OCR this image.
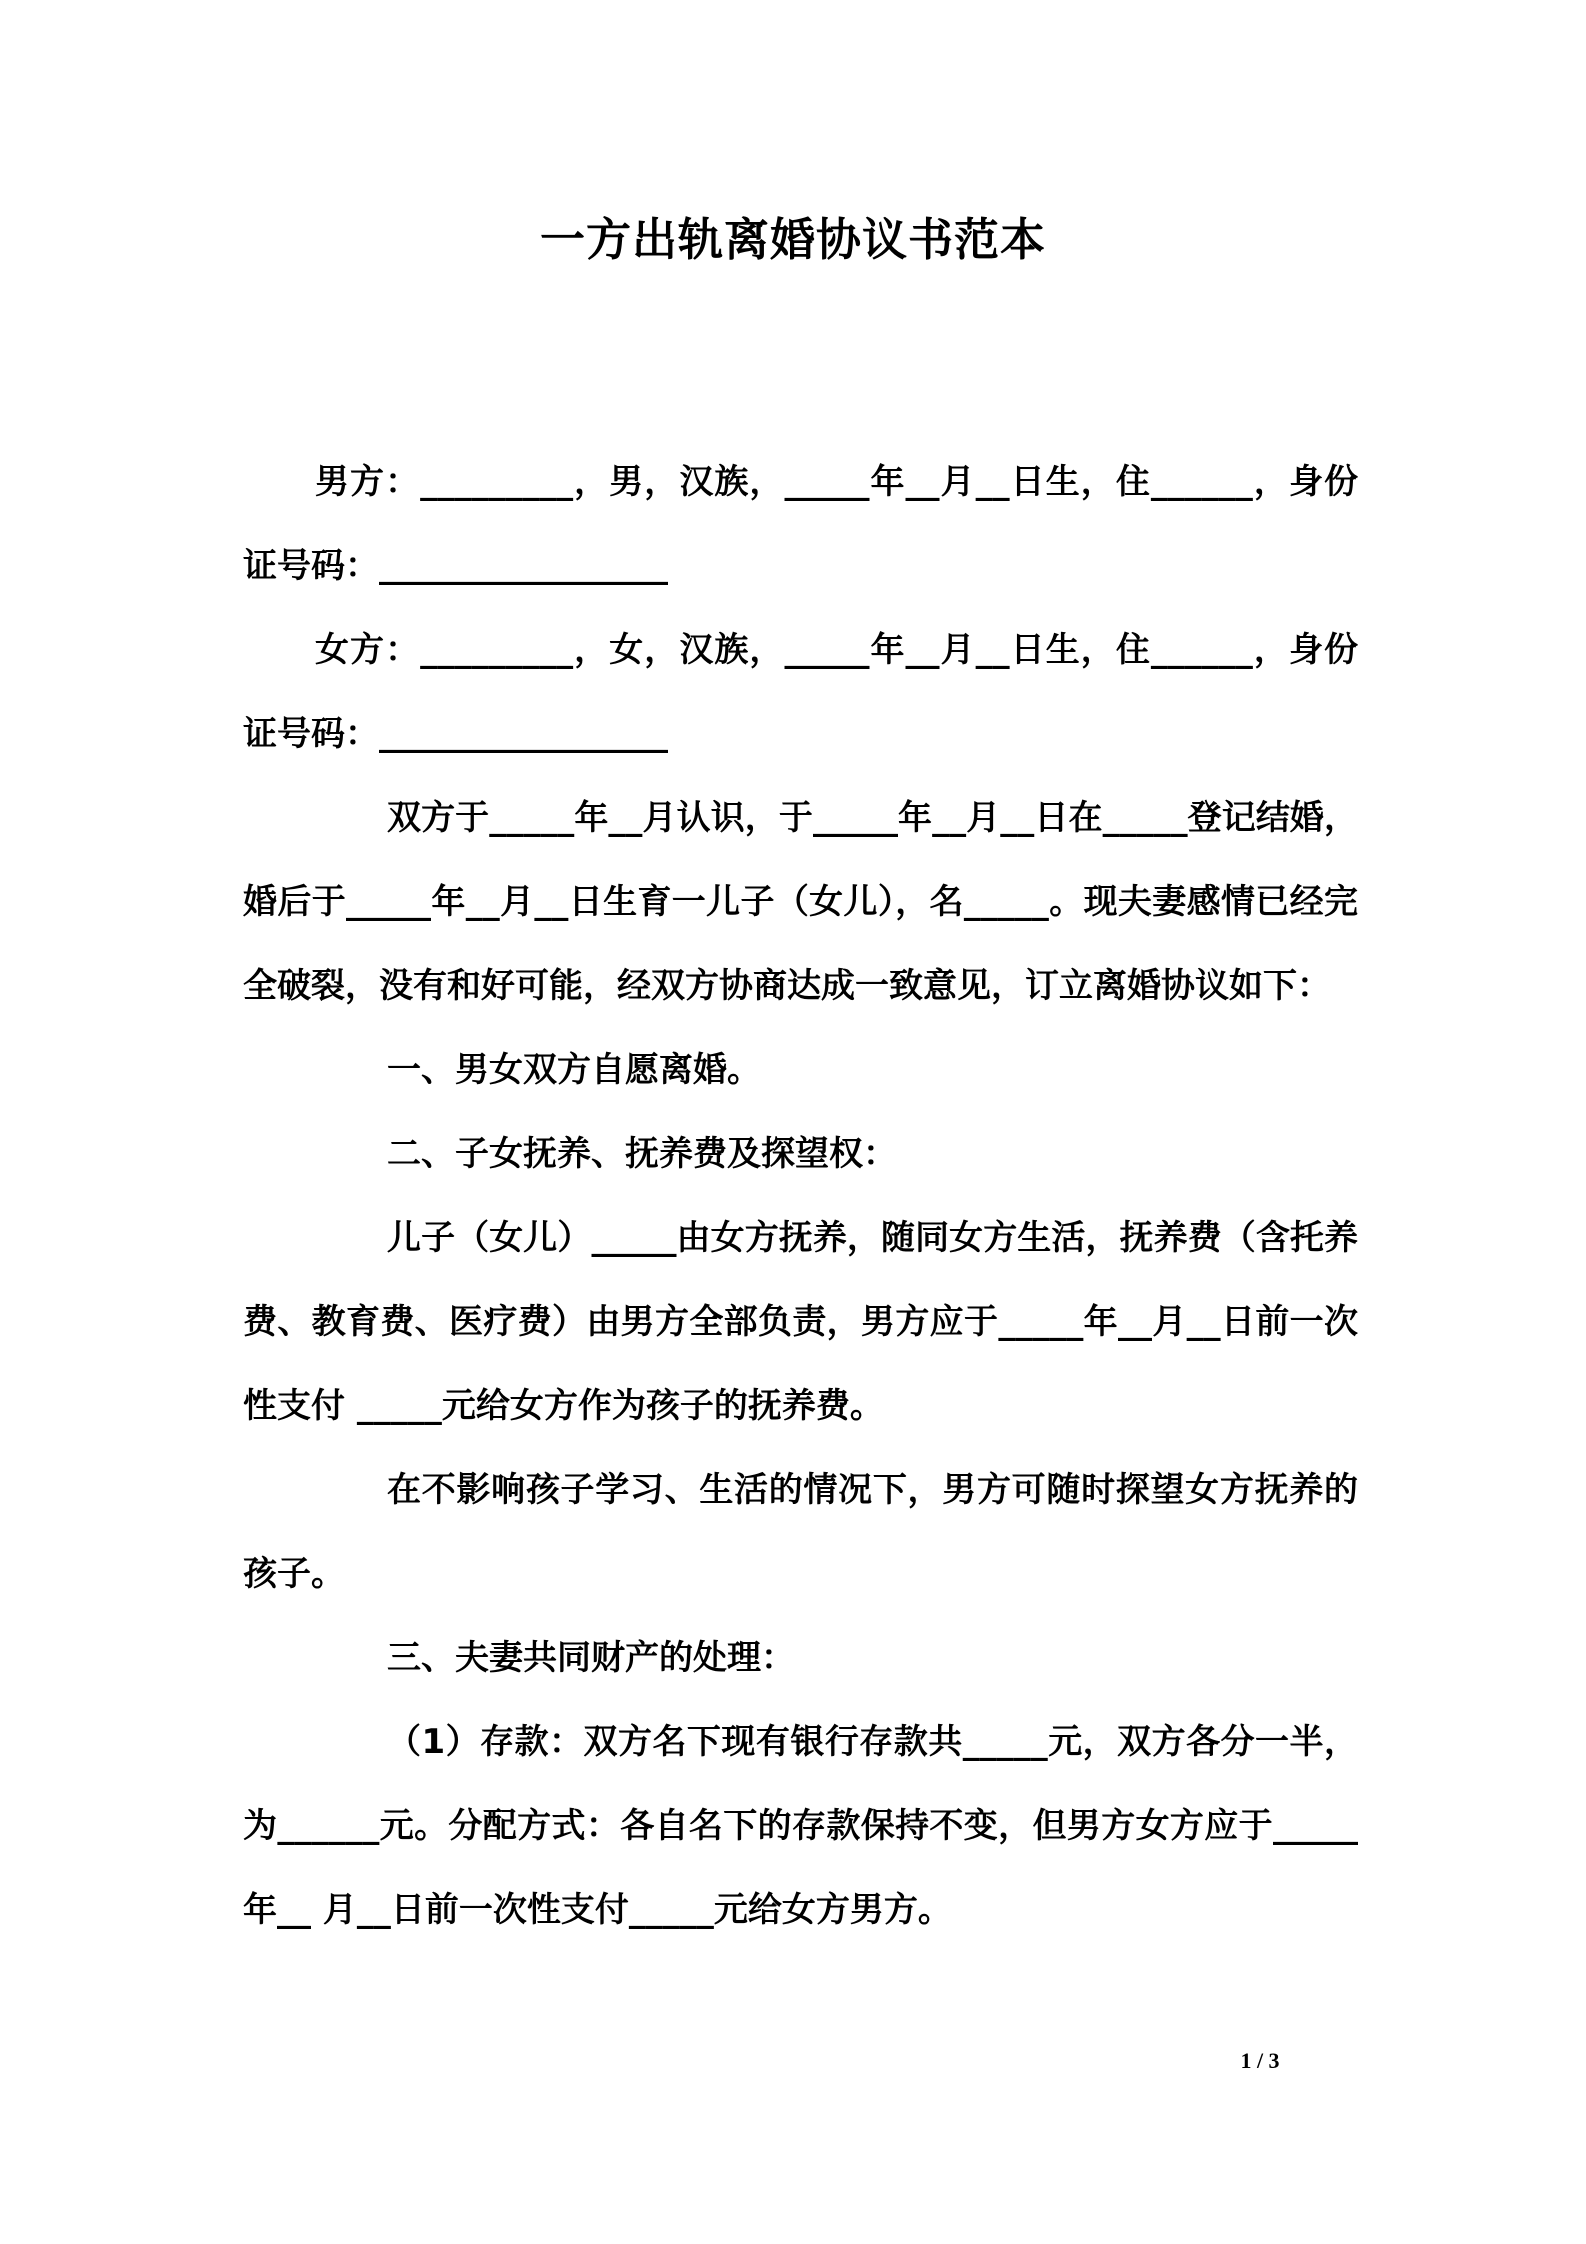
一方出轨离婚协议书范本

男方：_________，男，汉族，_____年__月__日生，住______，身份证号码：_________________

女方：_________，女，汉族，_____年__月__日生，住______，身份证号码：_________________

双方于_____年__月认识，于_____年__月__日在_____登记结婚，婚后于_____年__月__日生育一儿子（女儿），名_____。现夫妻感情已经完全破裂，没有和好可能，经双方协商达成一致意见，订立离婚协议如下：

一、男女双方自愿离婚。

二、子女抚养、抚养费及探望权：

儿子（女儿）_____由女方抚养，随同女方生活，抚养费（含托养费、教育费、医疗费）由男方全部负责，男方应于_____年__月__日前一次性支付 _____元给女方作为孩子的抚养费。

在不影响孩子学习、生活的情况下，男方可随时探望女方抚养的孩子。

三、夫妻共同财产的处理：

（1）存款：双方名下现有银行存款共_____元，双方各分一半，为______元。分配方式：各自名下的存款保持不变，但男方女方应于_____年__ 月__日前一次性支付_____元给女方男方。

1 / 3
